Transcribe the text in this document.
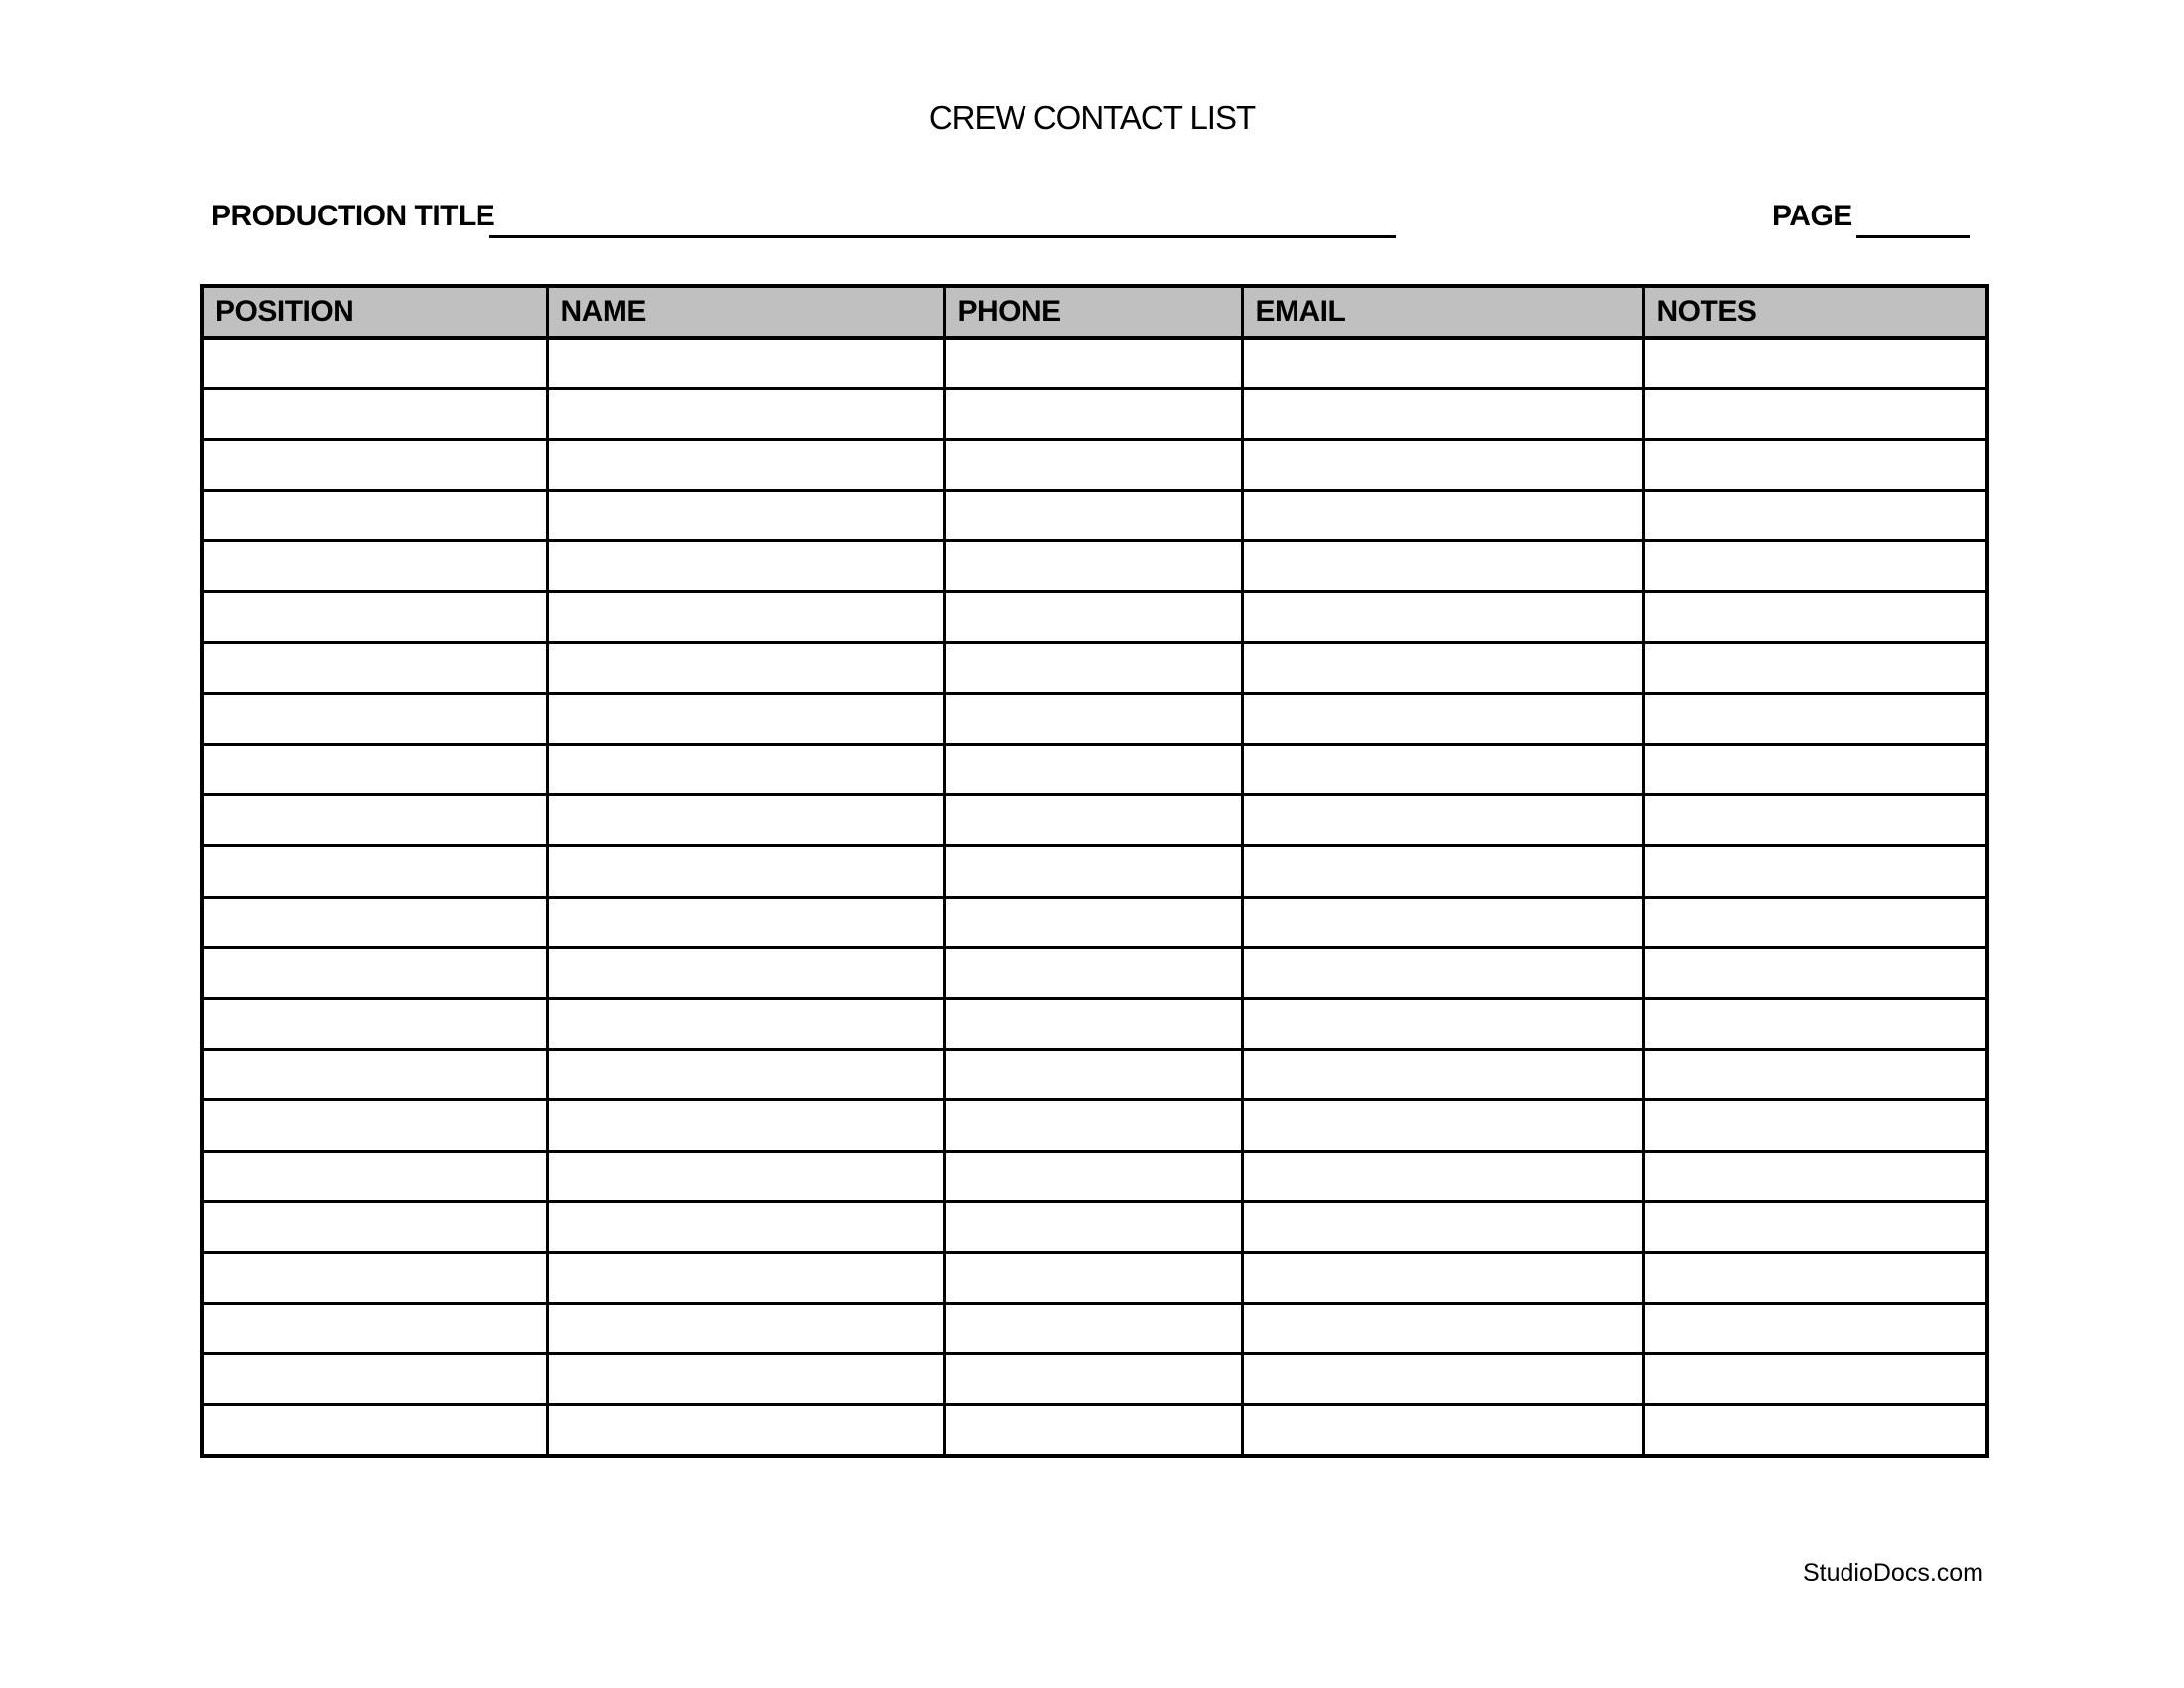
CREW CONTACT LIST
PRODUCTION TITLE	PAGE
POSITION	NAME	PHONE	EMAIL	NOTES

StudioDocs.com
